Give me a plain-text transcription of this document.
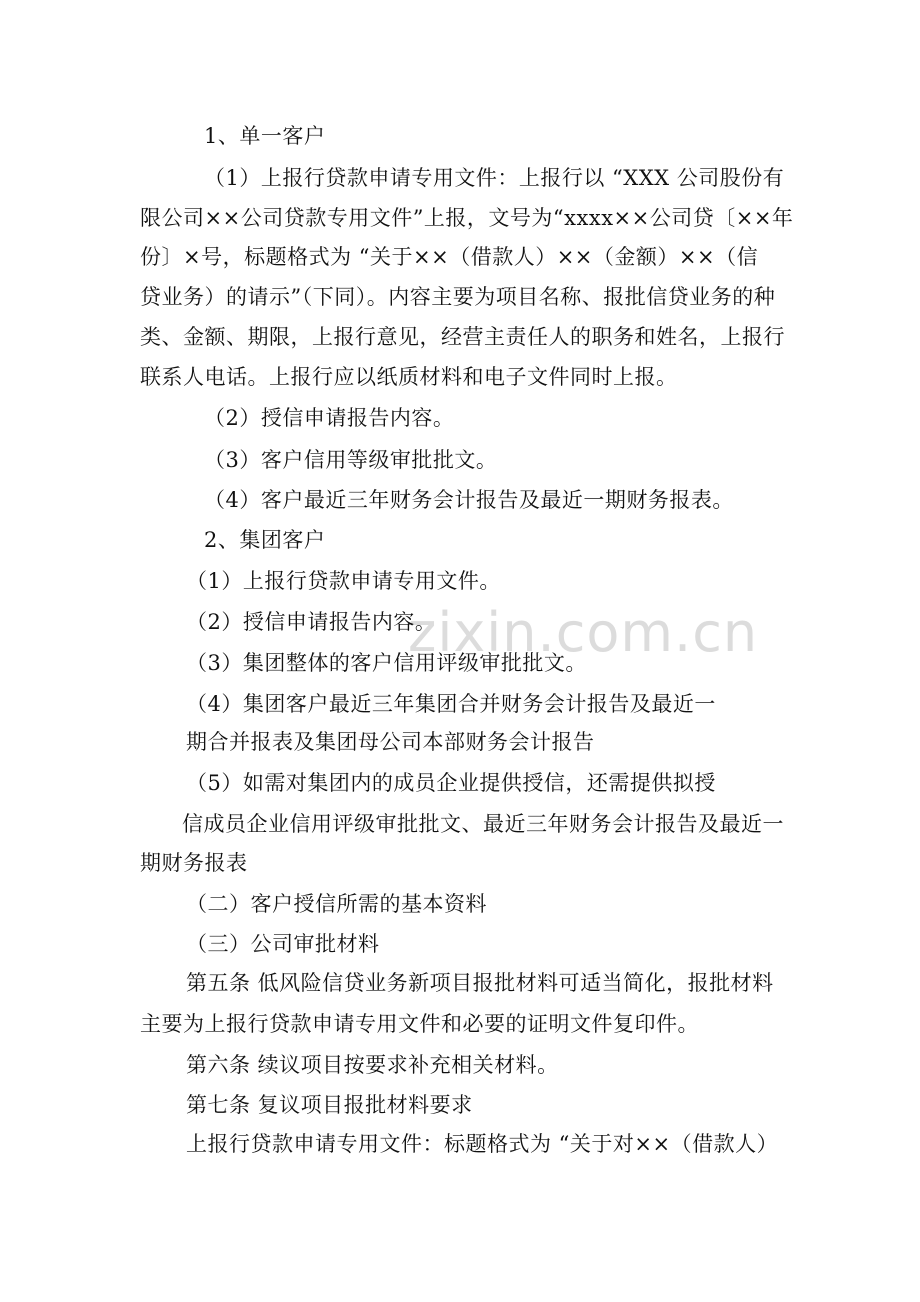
zixin.com.cn
1、单一客户
（1）上报行贷款申请专用文件：上报行以 “XXX 公司股份有
限公司××公司贷款专用文件”上报，文号为“xxxx××公司贷〔××年
份〕×号，标题格式为 “关于××（借款人）××（金额）××（信
贷业务）的请示”（下同）。内容主要为项目名称、报批信贷业务的种
类、金额、期限，上报行意见，经营主责任人的职务和姓名，上报行
联系人电话。上报行应以纸质材料和电子文件同时上报。
（2）授信申请报告内容。
（3）客户信用等级审批批文。
（4）客户最近三年财务会计报告及最近一期财务报表。
2、集团客户
（1）上报行贷款申请专用文件。
（2）授信申请报告内容。
（3）集团整体的客户信用评级审批批文。
（4）集团客户最近三年集团合并财务会计报告及最近一
期合并报表及集团母公司本部财务会计报告
（5）如需对集团内的成员企业提供授信，还需提供拟授
信成员企业信用评级审批批文、最近三年财务会计报告及最近一
期财务报表
（二）客户授信所需的基本资料
（三）公司审批材料
第五条 低风险信贷业务新项目报批材料可适当简化，报批材料
主要为上报行贷款申请专用文件和必要的证明文件复印件。
第六条 续议项目按要求补充相关材料。
第七条 复议项目报批材料要求
上报行贷款申请专用文件：标题格式为 “关于对××（借款人）
